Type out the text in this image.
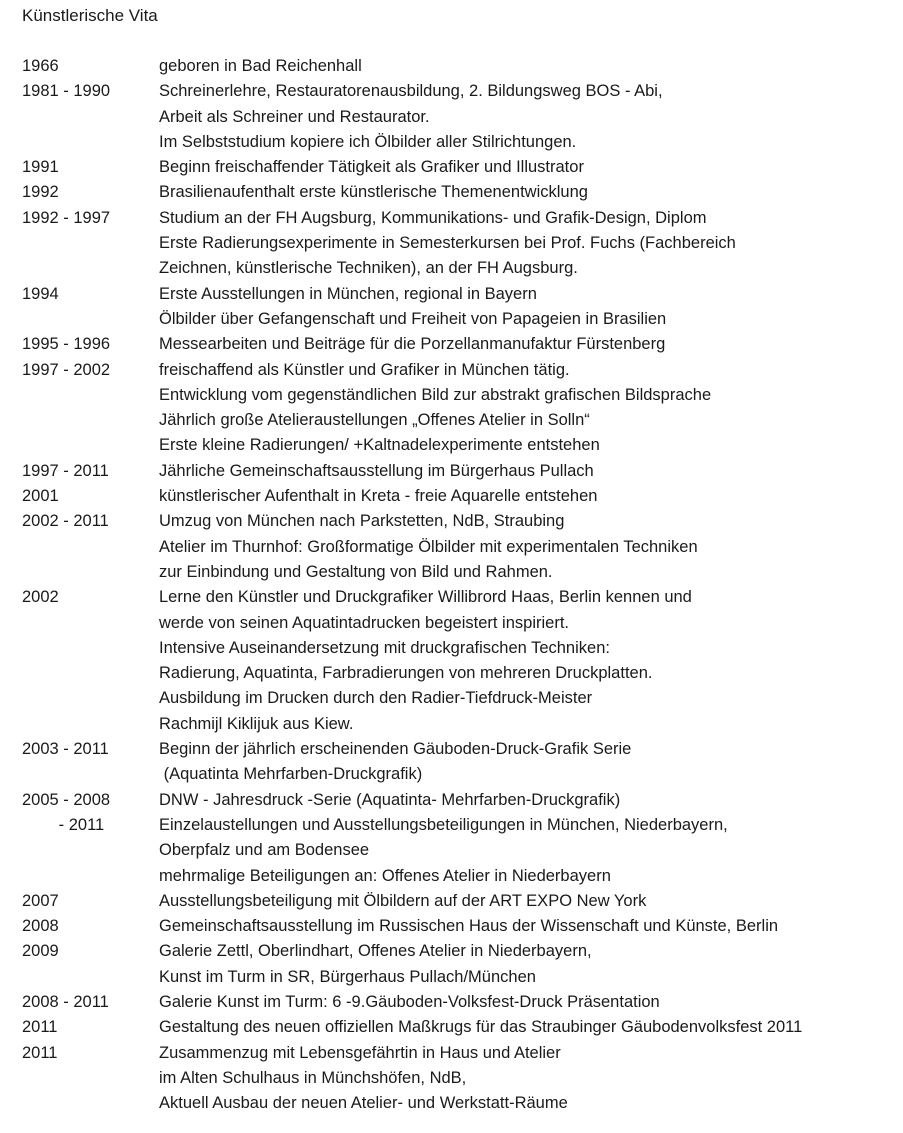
Künstlerische Vita
1966	geboren in Bad Reichenhall
1981 - 1990	Schreinerlehre, Restauratorenausbildung, 2. Bildungsweg BOS - Abi,
Arbeit als Schreiner und Restaurator.
Im Selbststudium kopiere ich Ölbilder aller Stilrichtungen.
1991	Beginn freischaffender Tätigkeit als Grafiker und Illustrator
1992	Brasilienaufenthalt erste künstlerische Themenentwicklung
1992 - 1997	Studium an der FH Augsburg, Kommunikations- und Grafik-Design, Diplom
Erste Radierungsexperimente in Semesterkursen bei Prof. Fuchs (Fachbereich
Zeichnen, künstlerische Techniken), an der FH Augsburg.
1994	Erste Ausstellungen in München, regional in Bayern
Ölbilder über Gefangenschaft und Freiheit von Papageien in Brasilien
1995 - 1996	Messearbeiten und Beiträge für die Porzellanmanufaktur Fürstenberg
1997 - 2002	freischaffend als Künstler und Grafiker in München tätig.
Entwicklung vom gegenständlichen Bild zur abstrakt grafischen Bildsprache
Jährlich große Atelieraustellungen „Offenes Atelier in Solln“
Erste kleine Radierungen/ +Kaltnadelexperimente entstehen
1997 - 2011	Jährliche Gemeinschaftsausstellung im Bürgerhaus Pullach
2001	künstlerischer Aufenthalt in Kreta - freie Aquarelle entstehen
2002 - 2011	Umzug von München nach Parkstetten, NdB, Straubing
Atelier im Thurnhof: Großformatige Ölbilder mit experimentalen Techniken
zur Einbindung und Gestaltung von Bild und Rahmen.
2002	Lerne den Künstler und Druckgrafiker Willibrord Haas, Berlin kennen und
werde von seinen Aquatintadrucken begeistert inspiriert.
Intensive Auseinandersetzung mit druckgrafischen Techniken:
Radierung, Aquatinta, Farbradierungen von mehreren Druckplatten.
Ausbildung im Drucken durch den Radier-Tiefdruck-Meister
Rachmijl Kiklijuk aus Kiew.
2003 - 2011	Beginn der jährlich erscheinenden Gäuboden-Druck-Grafik Serie
(Aquatinta Mehrfarben-Druckgrafik)
2005 - 2008	DNW - Jahresdruck -Serie (Aquatinta- Mehrfarben-Druckgrafik)
- 2011	Einzelaustellungen und Ausstellungsbeteiligungen in München, Niederbayern,
Oberpfalz und am Bodensee
mehrmalige Beteiligungen an: Offenes Atelier in Niederbayern
2007	Ausstellungsbeteiligung mit Ölbildern auf der ART EXPO New York
2008	Gemeinschaftsausstellung im Russischen Haus der Wissenschaft und Künste, Berlin
2009	Galerie Zettl, Oberlindhart, Offenes Atelier in Niederbayern,
Kunst im Turm in SR, Bürgerhaus Pullach/München
2008 - 2011	Galerie Kunst im Turm: 6 -9.Gäuboden-Volksfest-Druck Präsentation
2011	Gestaltung des neuen offiziellen Maßkrugs für das Straubinger Gäubodenvolksfest 2011
2011	Zusammenzug mit Lebensgefährtin in Haus und Atelier
im Alten Schulhaus in Münchshöfen, NdB,
Aktuell Ausbau der neuen Atelier- und Werkstatt-Räume
